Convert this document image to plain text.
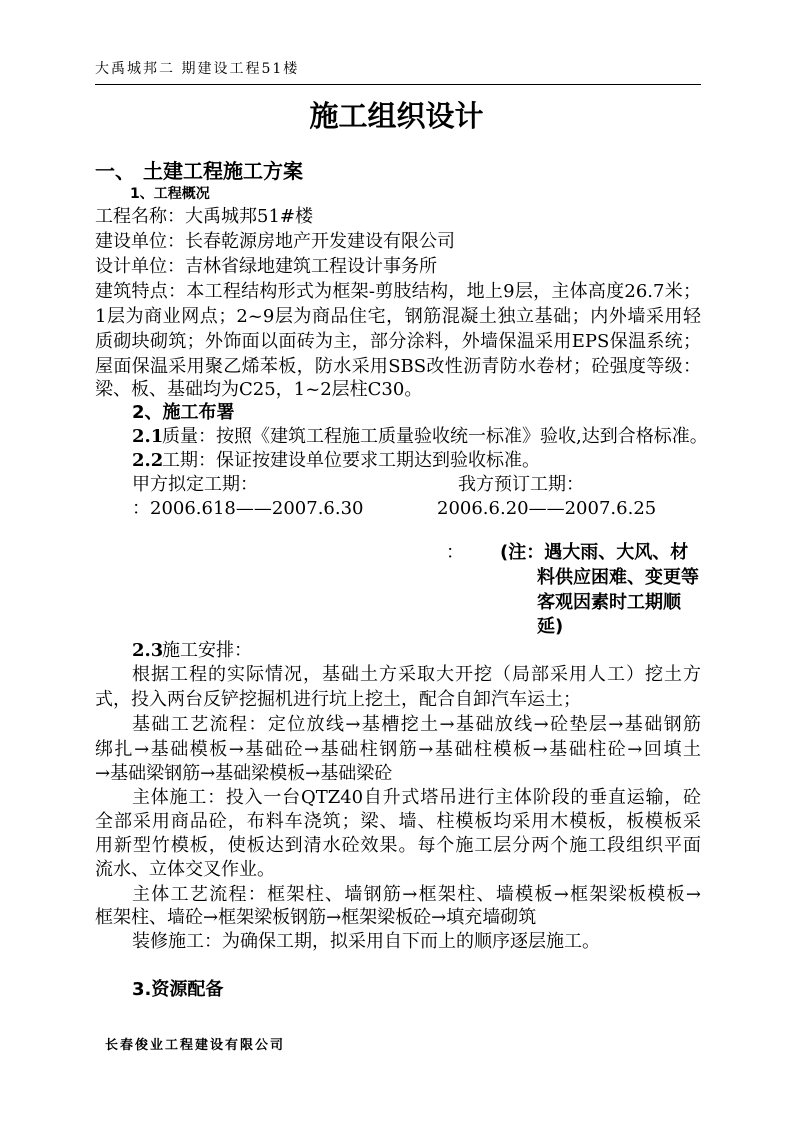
大禹城邦二 期建设工程51楼
施工组织设计
一、 土建工程施工方案
1、工程概况
工程名称：大禹城邦51#楼
建设单位：长春乾源房地产开发建设有限公司
设计单位：吉林省绿地建筑工程设计事务所
建筑特点：本工程结构形式为框架-剪肢结构，地上9层，主体高度26.7米；
1层为商业网点；2~9层为商品住宅，钢筋混凝土独立基础；内外墙采用轻
质砌块砌筑；外饰面以面砖为主，部分涂料，外墙保温采用EPS保温系统；
屋面保温采用聚乙烯苯板，防水采用SBS改性沥青防水卷材；砼强度等级：
梁、板、基础均为C25，1~2层柱C30。
2、施工布署
2.1
质量：按照《建筑工程施工质量验收统一标准》验收,达到合格标准。
2.2
工期：保证按建设单位要求工期达到验收标准。
甲方拟定工期：	我方预订工期：
：2006.618——2007.6.30	2006.6.20——2007.6.25
： (注：遇大雨、大风、材
料供应困难、变更等
客观因素时工期顺
延)
2.3
施工安排：
根据工程的实际情况，基础土方采取大开挖（局部采用人工）挖土方
式，投入两台反铲挖掘机进行坑上挖土，配合自卸汽车运土；
基础工艺流程：定位放线→基槽挖土→基础放线→砼垫层→基础钢筋
绑扎→基础模板→基础砼→基础柱钢筋→基础柱模板→基础柱砼→回填土
→基础梁钢筋→基础梁模板→基础梁砼
主体施工：投入一台QTZ40自升式塔吊进行主体阶段的垂直运输，砼
全部采用商品砼，布料车浇筑；梁、墙、柱模板均采用木模板，板模板采
用新型竹模板，使板达到清水砼效果。每个施工层分两个施工段组织平面
流水、立体交叉作业。
主体工艺流程：框架柱、墙钢筋→框架柱、墙模板→框架梁板模板→
框架柱、墙砼→框架梁板钢筋→框架梁板砼→填充墙砌筑
装修施工：为确保工期，拟采用自下而上的顺序逐层施工。
3.资源配备
长春俊业工程建设有限公司
